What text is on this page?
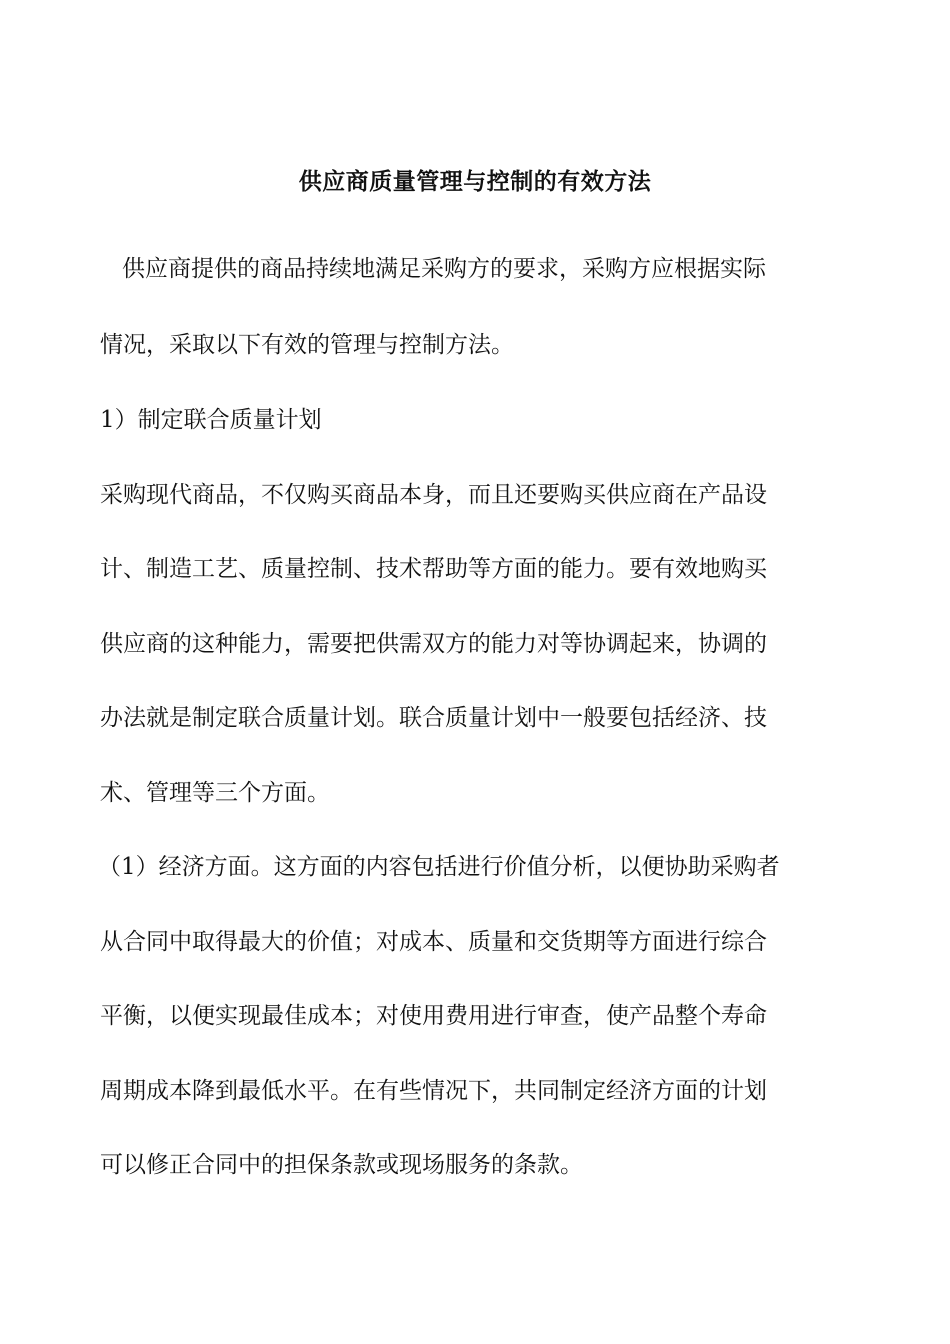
供应商质量管理与控制的有效方法
供应商提供的商品持续地满足采购方的要求，采购方应根据实际
情况，采取以下有效的管理与控制方法。
1）制定联合质量计划
采购现代商品，不仅购买商品本身，而且还要购买供应商在产品设
计、制造工艺、质量控制、技术帮助等方面的能力。要有效地购买
供应商的这种能力，需要把供需双方的能力对等协调起来，协调的
办法就是制定联合质量计划。联合质量计划中一般要包括经济、技
术、管理等三个方面。
（1）经济方面。这方面的内容包括进行价值分析，以便协助采购者
从合同中取得最大的价值；对成本、质量和交货期等方面进行综合
平衡，以便实现最佳成本；对使用费用进行审查，使产品整个寿命
周期成本降到最低水平。在有些情况下，共同制定经济方面的计划
可以修正合同中的担保条款或现场服务的条款。
